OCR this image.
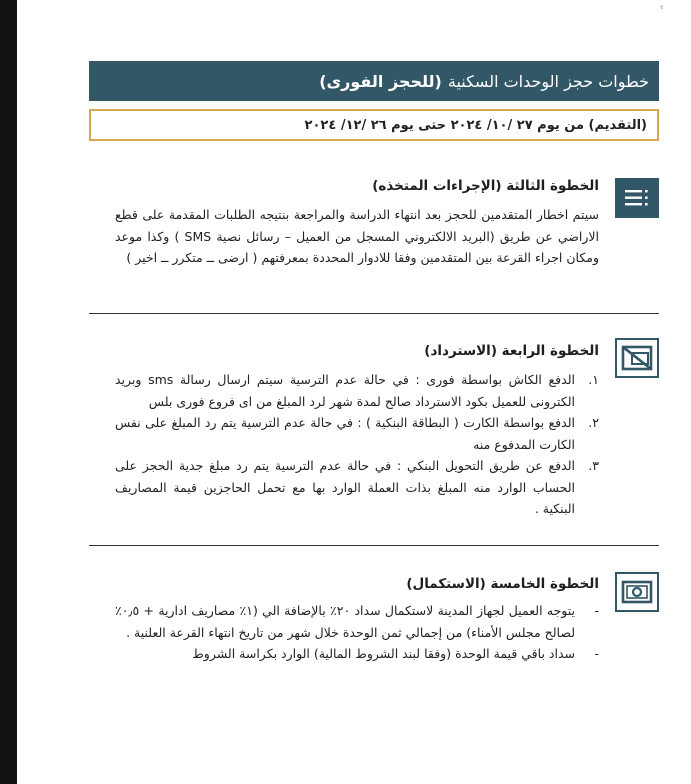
ﮨ
خطوات حجز الوحدات السكنية
(للحجز الفورى)
(التقديم) من يوم ٢٧ /١٠/ ٢٠٢٤ حتى يوم ٢٦ /١٢/ ٢٠٢٤
الخطوة الثالثة (الإجراءات المتخذه)
سيتم اخطار المتقدمين للحجز بعد انتهاء الدراسة والمراجعة بنتيجه الطلبات المقدمة على قطع الاراضي عن طريق (البريد الالكتروني المسجل من العميل – رسائل نصية SMS ) وكذا موعد ومكان اجراء القرعة بين المتقدمين وفقا للادوار المحددة بمعرفتهم ( ارضى ــ متكرر ــ اخير )
الخطوة الرابعة (الاسترداد)
١.
الدفع الكاش بواسطة فورى : في حالة عدم الترسية سيتم ارسال رسالة sms وبريد الكترونى للعميل بكود الاسترداد صالح لمدة شهر لرد المبلغ من اى فروع فورى بلس
٢.
الدفع بواسطة الكارت ( البطاقة البنكية ) : في حالة عدم الترسية يتم رد المبلغ على نفس الكارت المدفوع منه
٣.
الدفع عن طريق التحويل البنكي : في حالة عدم الترسية يتم رد مبلغ جدية الحجز على الحساب الوارد منه المبلغ بذات العملة الوارد بها مع تحمل الحاجزين قيمة المصاريف البنكية .
الخطوة الخامسة (الاستكمال)
-
يتوجه العميل لجهاز المدينة لاستكمال سداد ٢٠٪ بالإضافة الي (١٪ مصاريف ادارية + ٠٫٥٪ لصالح مجلس الأمناء) من إجمالي ثمن الوحدة خلال شهر من تاريخ انتهاء القرعة العلنية .
-
سداد باقي قيمة الوحدة (وفقا لبند الشروط المالية) الوارد بكراسة الشروط
